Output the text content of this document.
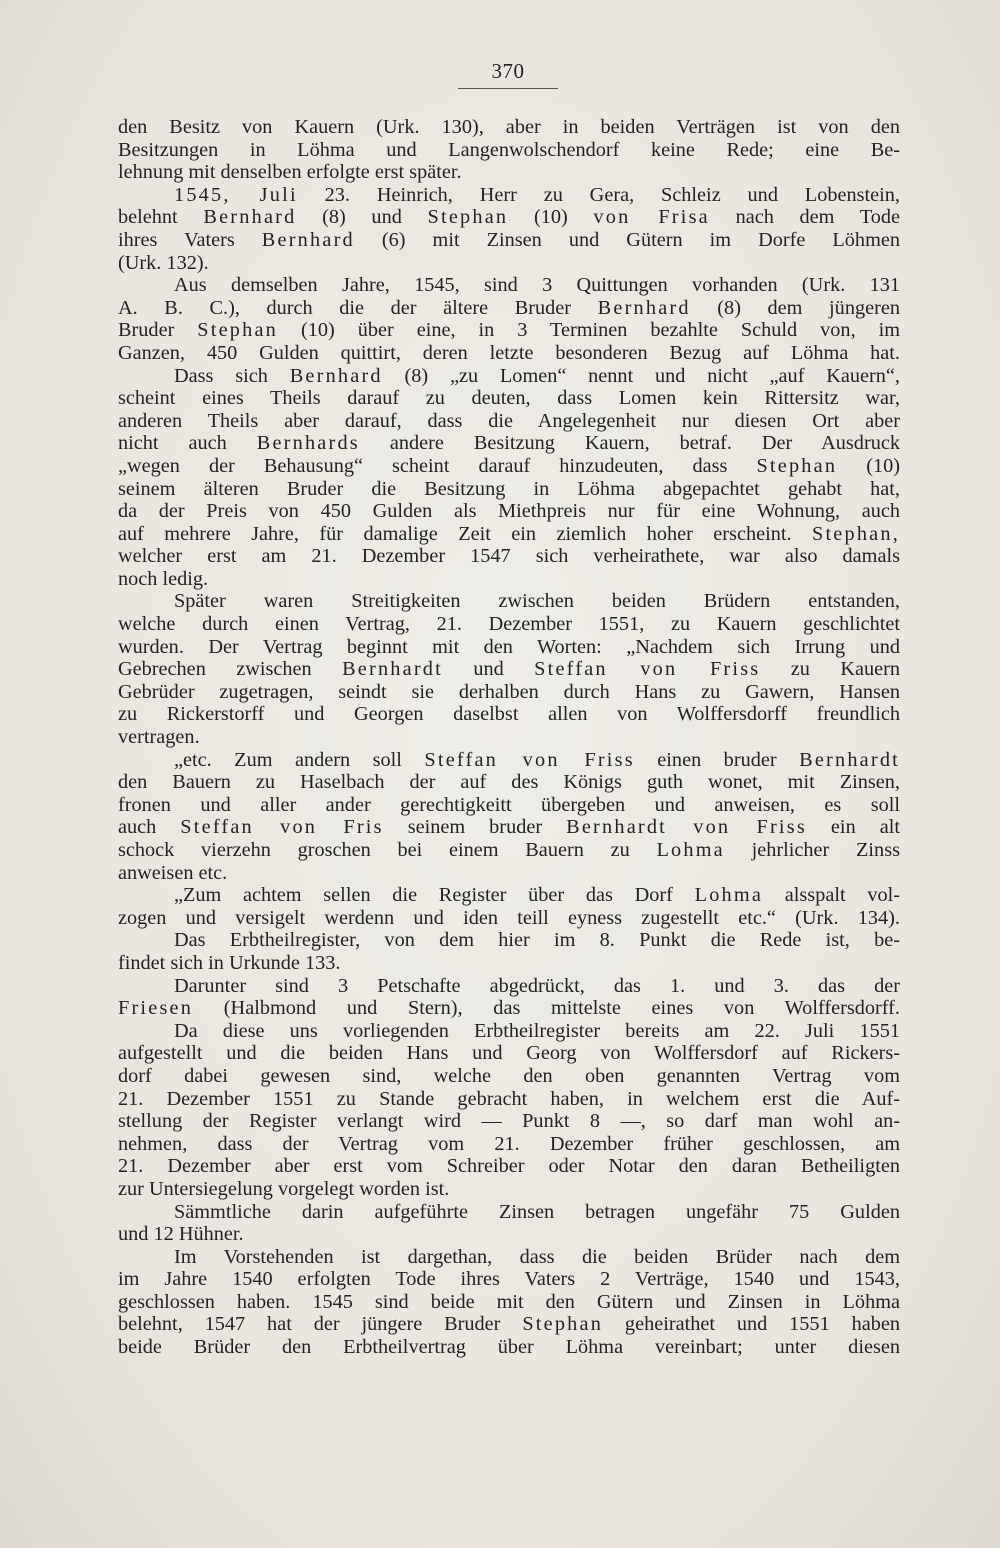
370
den Besitz von Kauern (Urk. 130), aber in beiden Verträgen ist von den
Besitzungen in Löhma und Langenwolschendorf keine Rede; eine Be-
lehnung mit denselben erfolgte erst später.
1545, Juli 23. Heinrich, Herr zu Gera, Schleiz und Lobenstein,
belehnt Bernhard (8) und Stephan (10) von Frisa nach dem Tode
ihres Vaters Bernhard (6) mit Zinsen und Gütern im Dorfe Löhmen
(Urk. 132).
Aus demselben Jahre, 1545, sind 3 Quittungen vorhanden (Urk. 131
A. B. C.), durch die der ältere Bruder Bernhard (8) dem jüngeren
Bruder Stephan (10) über eine, in 3 Terminen bezahlte Schuld von, im
Ganzen, 450 Gulden quittirt, deren letzte besonderen Bezug auf Löhma hat.
Dass sich Bernhard (8) „zu Lomen“ nennt und nicht „auf Kauern“,
scheint eines Theils darauf zu deuten, dass Lomen kein Rittersitz war,
anderen Theils aber darauf, dass die Angelegenheit nur diesen Ort aber
nicht auch Bernhards andere Besitzung Kauern, betraf. Der Ausdruck
„wegen der Behausung“ scheint darauf hinzudeuten, dass Stephan (10)
seinem älteren Bruder die Besitzung in Löhma abgepachtet gehabt hat,
da der Preis von 450 Gulden als Miethpreis nur für eine Wohnung, auch
auf mehrere Jahre, für damalige Zeit ein ziemlich hoher erscheint. Stephan,
welcher erst am 21. Dezember 1547 sich verheirathete, war also damals
noch ledig.
Später waren Streitigkeiten zwischen beiden Brüdern entstanden,
welche durch einen Vertrag, 21. Dezember 1551, zu Kauern geschlichtet
wurden. Der Vertrag beginnt mit den Worten: „Nachdem sich Irrung und
Gebrechen zwischen Bernhardt und Steffan von Friss zu Kauern
Gebrüder zugetragen, seindt sie derhalben durch Hans zu Gawern, Hansen
zu Rickerstorff und Georgen daselbst allen von Wolffersdorff freundlich
vertragen.
„etc. Zum andern soll Steffan von Friss einen bruder Bernhardt
den Bauern zu Haselbach der auf des Königs guth wonet, mit Zinsen,
fronen und aller ander gerechtigkeitt übergeben und anweisen, es soll
auch Steffan von Fris seinem bruder Bernhardt von Friss ein alt
schock vierzehn groschen bei einem Bauern zu Lohma jehrlicher Zinss
anweisen etc.
„Zum achtem sellen die Register über das Dorf Lohma alsspalt vol-
zogen und versigelt werdenn und iden teill eyness zugestellt etc.“ (Urk. 134).
Das Erbtheilregister, von dem hier im 8. Punkt die Rede ist, be-
findet sich in Urkunde 133.
Darunter sind 3 Petschafte abgedrückt, das 1. und 3. das der
Friesen (Halbmond und Stern), das mittelste eines von Wolffersdorff.
Da diese uns vorliegenden Erbtheilregister bereits am 22. Juli 1551
aufgestellt und die beiden Hans und Georg von Wolffersdorf auf Rickers-
dorf dabei gewesen sind, welche den oben genannten Vertrag vom
21. Dezember 1551 zu Stande gebracht haben, in welchem erst die Auf-
stellung der Register verlangt wird — Punkt 8 —, so darf man wohl an-
nehmen, dass der Vertrag vom 21. Dezember früher geschlossen, am
21. Dezember aber erst vom Schreiber oder Notar den daran Betheiligten
zur Untersiegelung vorgelegt worden ist.
Sämmtliche darin aufgeführte Zinsen betragen ungefähr 75 Gulden
und 12 Hühner.
Im Vorstehenden ist dargethan, dass die beiden Brüder nach dem
im Jahre 1540 erfolgten Tode ihres Vaters 2 Verträge, 1540 und 1543,
geschlossen haben. 1545 sind beide mit den Gütern und Zinsen in Löhma
belehnt, 1547 hat der jüngere Bruder Stephan geheirathet und 1551 haben
beide Brüder den Erbtheilvertrag über Löhma vereinbart; unter diesen
